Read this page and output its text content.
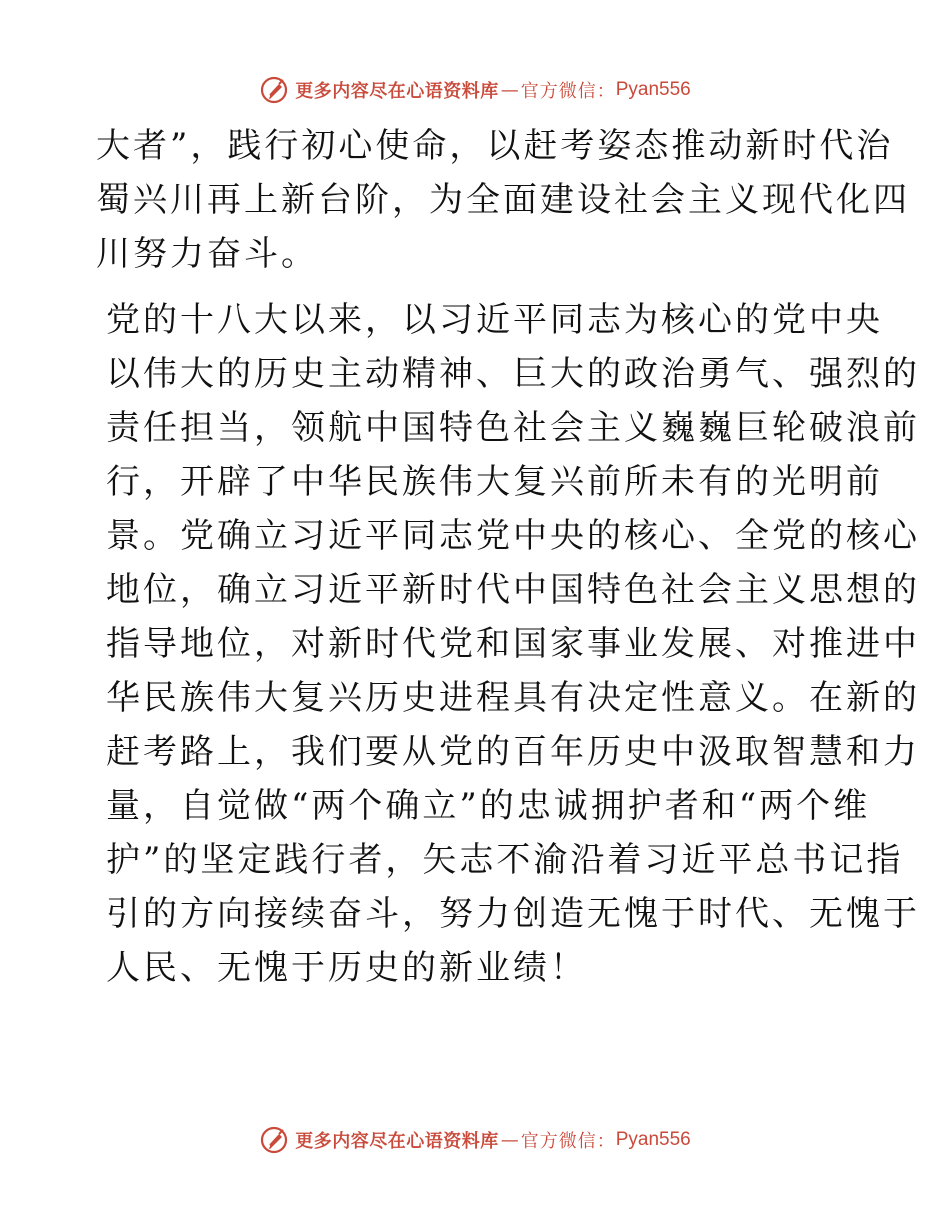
更多内容尽在心语资料库 — 官方微信： Pyan556

大者”，践行初心使命，以赶考姿态推动新时代治
蜀兴川再上新台阶，为全面建设社会主义现代化四
川努力奋斗。

党的十八大以来，以习近平同志为核心的党中央
以伟大的历史主动精神、巨大的政治勇气、强烈的
责任担当，领航中国特色社会主义巍巍巨轮破浪前
行，开辟了中华民族伟大复兴前所未有的光明前
景。党确立习近平同志党中央的核心、全党的核心
地位，确立习近平新时代中国特色社会主义思想的
指导地位，对新时代党和国家事业发展、对推进中
华民族伟大复兴历史进程具有决定性意义。在新的
赶考路上，我们要从党的百年历史中汲取智慧和力
量，自觉做“两个确立”的忠诚拥护者和“两个维
护”的坚定践行者，矢志不渝沿着习近平总书记指
引的方向接续奋斗，努力创造无愧于时代、无愧于
人民、无愧于历史的新业绩！

更多内容尽在心语资料库 — 官方微信： Pyan556
